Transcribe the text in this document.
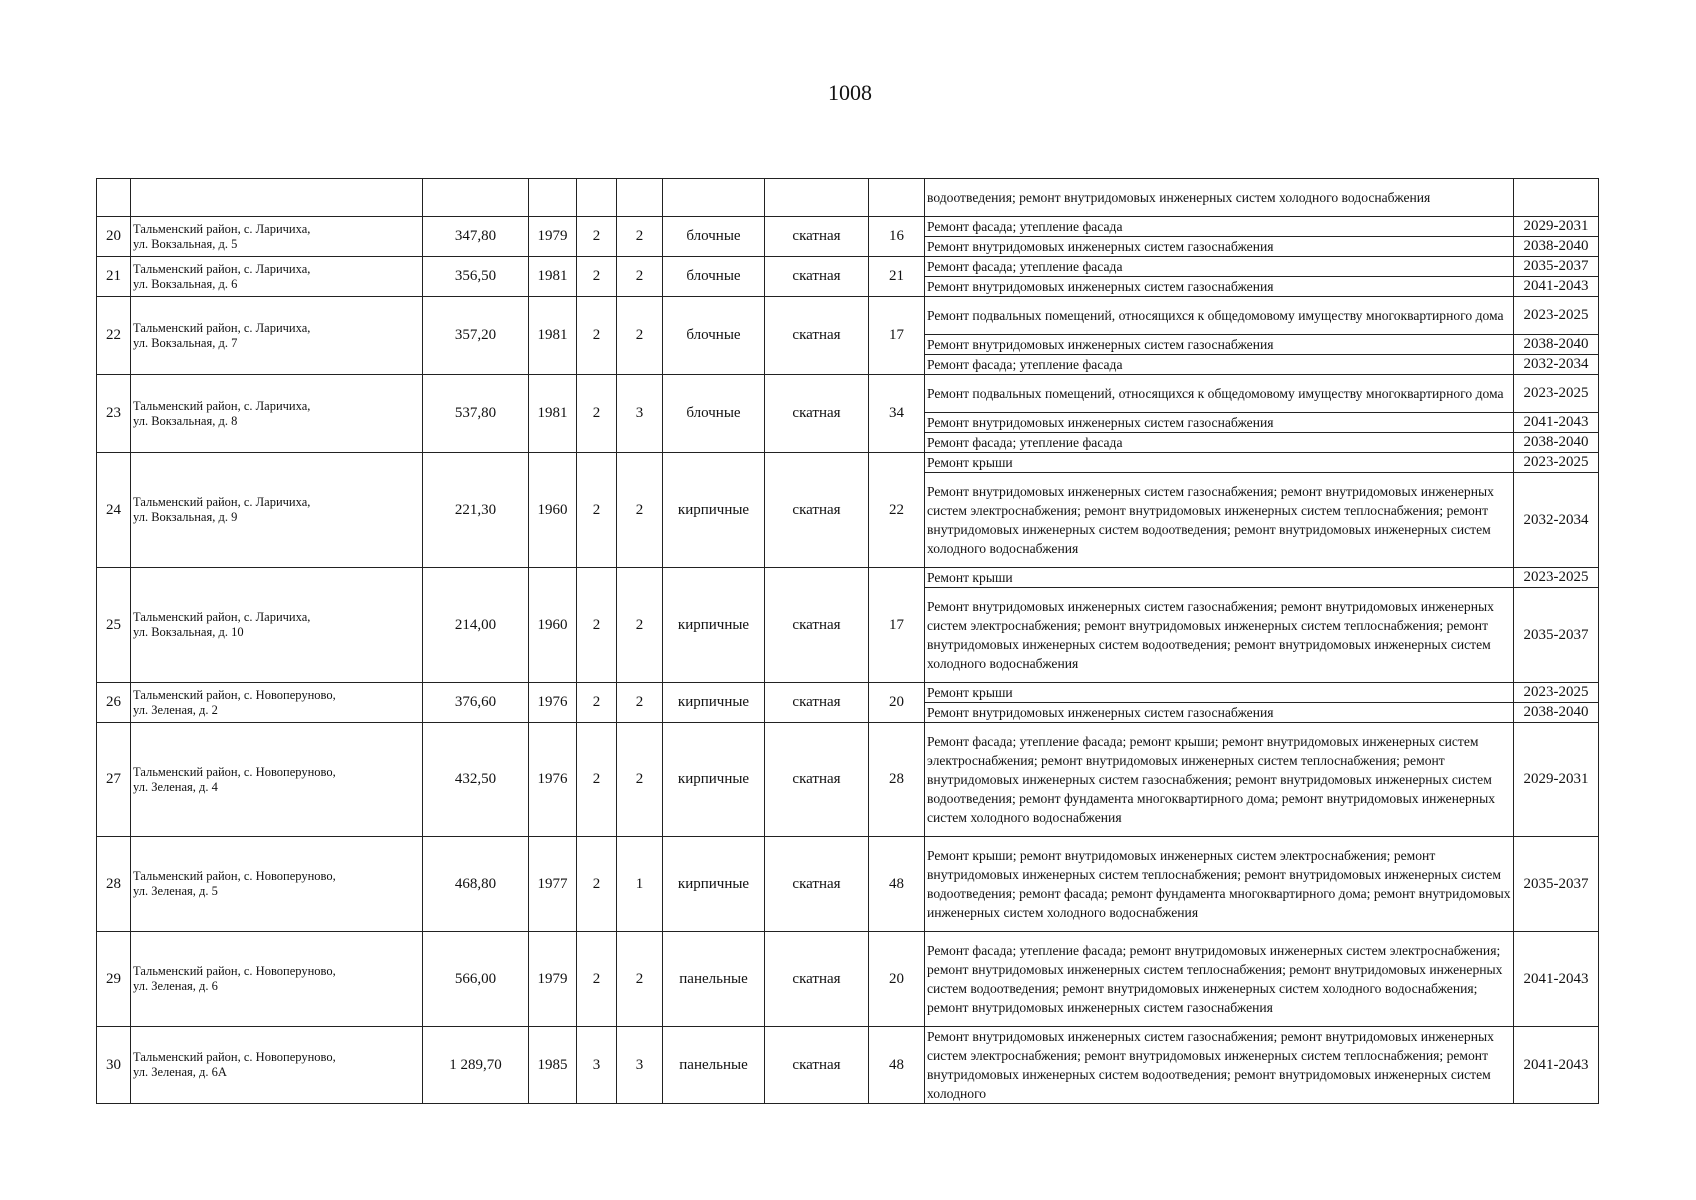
1008
									водоотведения; ремонт внутридомовых инженерных систем холодного водоснабжения	
20	Тальменский район, с. Ларичиха,
ул. Вокзальная, д. 5	347,80	1979	2	2	блочные	скатная	16	Ремонт фасада; утепление фасада	2029-2031
									Ремонт внутридомовых инженерных систем газоснабжения	2038-2040
21	Тальменский район, с. Ларичиха,
ул. Вокзальная, д. 6	356,50	1981	2	2	блочные	скатная	21	Ремонт фасада; утепление фасада	2035-2037
									Ремонт внутридомовых инженерных систем газоснабжения	2041-2043
22	Тальменский район, с. Ларичиха,
ул. Вокзальная, д. 7	357,20	1981	2	2	блочные	скатная	17	Ремонт подвальных помещений, относящихся к общедомовому имуществу многоквартирного дома	2023-2025
									Ремонт внутридомовых инженерных систем газоснабжения	2038-2040
									Ремонт фасада; утепление фасада	2032-2034
23	Тальменский район, с. Ларичиха,
ул. Вокзальная, д. 8	537,80	1981	2	3	блочные	скатная	34	Ремонт подвальных помещений, относящихся к общедомовому имуществу многоквартирного дома	2023-2025
									Ремонт внутридомовых инженерных систем газоснабжения	2041-2043
									Ремонт фасада; утепление фасада	2038-2040
24	Тальменский район, с. Ларичиха,
ул. Вокзальная, д. 9	221,30	1960	2	2	кирпичные	скатная	22	Ремонт крыши	2023-2025
									Ремонт внутридомовых инженерных систем газоснабжения; ремонт внутридомовых инженерных систем электроснабжения; ремонт внутридомовых инженерных систем теплоснабжения; ремонт внутридомовых инженерных систем водоотведения; ремонт внутридомовых инженерных систем холодного водоснабжения	2032-2034
25	Тальменский район, с. Ларичиха,
ул. Вокзальная, д. 10	214,00	1960	2	2	кирпичные	скатная	17	Ремонт крыши	2023-2025
									Ремонт внутридомовых инженерных систем газоснабжения; ремонт внутридомовых инженерных систем электроснабжения; ремонт внутридомовых инженерных систем теплоснабжения; ремонт внутридомовых инженерных систем водоотведения; ремонт внутридомовых инженерных систем холодного водоснабжения	2035-2037
26	Тальменский район, с. Новоперуново,
ул. Зеленая, д. 2	376,60	1976	2	2	кирпичные	скатная	20	Ремонт крыши	2023-2025
									Ремонт внутридомовых инженерных систем газоснабжения	2038-2040
27	Тальменский район, с. Новоперуново,
ул. Зеленая, д. 4	432,50	1976	2	2	кирпичные	скатная	28	Ремонт фасада; утепление фасада; ремонт крыши; ремонт внутридомовых инженерных систем электроснабжения; ремонт внутридомовых инженерных систем теплоснабжения; ремонт внутридомовых инженерных систем газоснабжения; ремонт внутридомовых инженерных систем водоотведения; ремонт фундамента многоквартирного дома; ремонт внутридомовых инженерных систем холодного водоснабжения	2029-2031
28	Тальменский район, с. Новоперуново,
ул. Зеленая, д. 5	468,80	1977	2	1	кирпичные	скатная	48	Ремонт крыши; ремонт внутридомовых инженерных систем электроснабжения; ремонт внутридомовых инженерных систем теплоснабжения; ремонт внутридомовых инженерных систем водоотведения; ремонт фасада; ремонт фундамента многоквартирного дома; ремонт внутридомовых инженерных систем холодного водоснабжения	2035-2037
29	Тальменский район, с. Новоперуново,
ул. Зеленая, д. 6	566,00	1979	2	2	панельные	скатная	20	Ремонт фасада; утепление фасада; ремонт внутридомовых инженерных систем электроснабжения; ремонт внутридомовых инженерных систем теплоснабжения; ремонт внутридомовых инженерных систем водоотведения; ремонт внутридомовых инженерных систем холодного водоснабжения; ремонт внутридомовых инженерных систем газоснабжения	2041-2043
30	Тальменский район, с. Новоперуново,
ул. Зеленая, д. 6А	1 289,70	1985	3	3	панельные	скатная	48	Ремонт внутридомовых инженерных систем газоснабжения; ремонт внутридомовых инженерных систем электроснабжения; ремонт внутридомовых инженерных систем теплоснабжения; ремонт внутридомовых инженерных систем водоотведения; ремонт внутридомовых инженерных систем холодного	2041-2043
